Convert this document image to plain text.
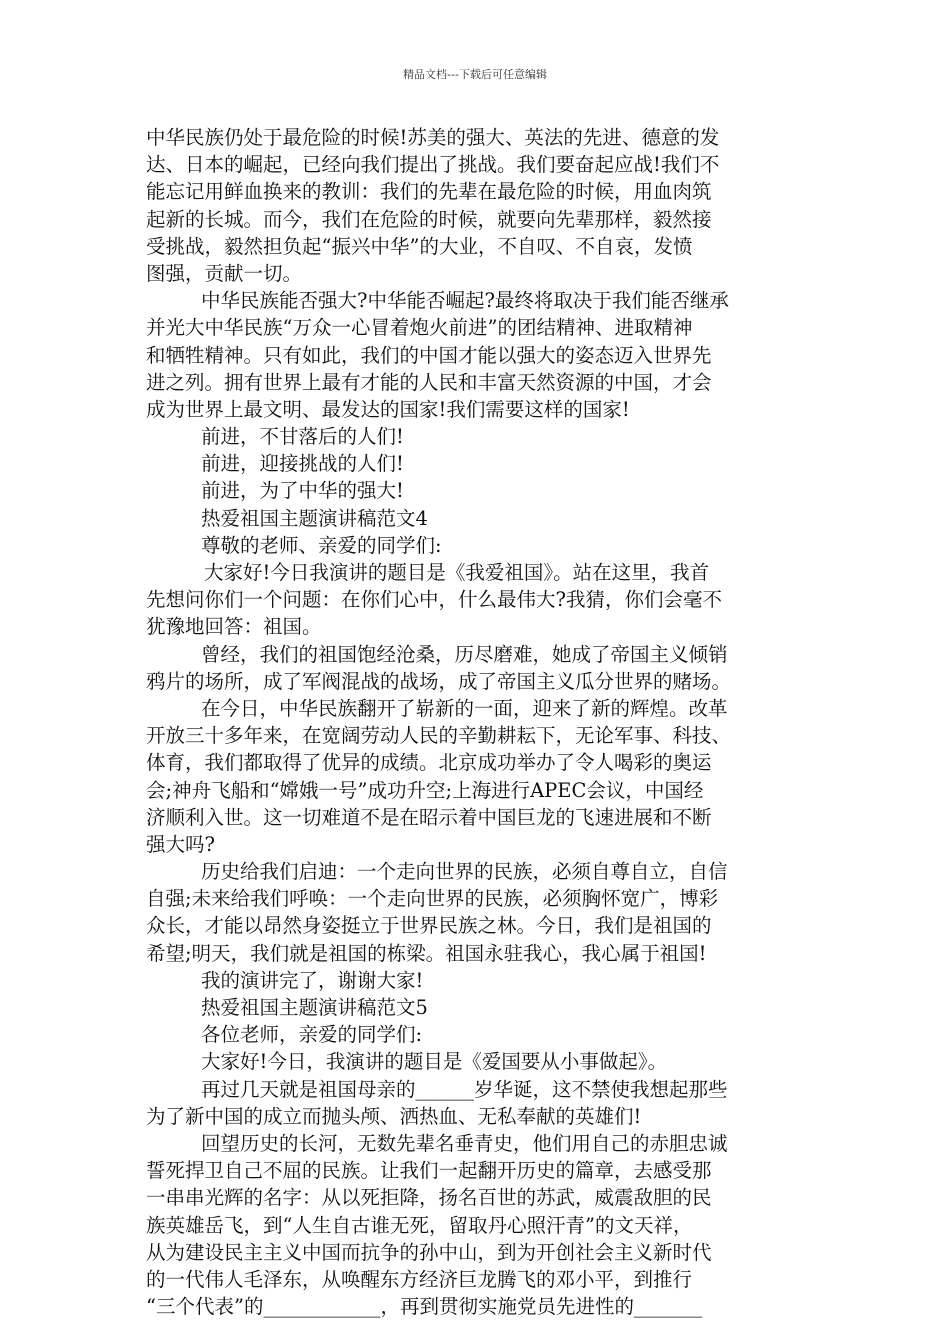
精品文档---下载后可任意编辑
中华民族仍处于最危险的时候!苏美的强大、英法的先进、德意的发
达、日本的崛起，已经向我们提出了挑战。我们要奋起应战!我们不
能忘记用鲜血换来的教训：我们的先辈在最危险的时候，用血肉筑
起新的长城。而今，我们在危险的时候，就要向先辈那样，毅然接
受挑战，毅然担负起“振兴中华”的大业，不自叹、不自哀，发愤
图强，贡献一切。
中华民族能否强大?中华能否崛起?最终将取决于我们能否继承
并光大中华民族“万众一心冒着炮火前进”的团结精神、进取精神
和牺牲精神。只有如此，我们的中国才能以强大的姿态迈入世界先
进之列。拥有世界上最有才能的人民和丰富天然资源的中国，才会
成为世界上最文明、最发达的国家!我们需要这样的国家!
前进，不甘落后的人们!
前进，迎接挑战的人们!
前进，为了中华的强大!
热爱祖国主题演讲稿范文4
尊敬的老师、亲爱的同学们:
大家好!今日我演讲的题目是《我爱祖国》。站在这里，我首
先想问你们一个问题：在你们心中，什么最伟大?我猜，你们会毫不
犹豫地回答：祖国。
曾经，我们的祖国饱经沧桑，历尽磨难，她成了帝国主义倾销
鸦片的场所，成了军阀混战的战场，成了帝国主义瓜分世界的赌场。
在今日，中华民族翻开了崭新的一面，迎来了新的辉煌。改革
开放三十多年来，在宽阔劳动人民的辛勤耕耘下，无论军事、科技、
体育，我们都取得了优异的成绩。北京成功举办了令人喝彩的奥运
会;神舟飞船和“嫦娥一号”成功升空;上海进行APEC会议，中国经
济顺利入世。这一切难道不是在昭示着中国巨龙的飞速进展和不断
强大吗?
历史给我们启迪：一个走向世界的民族，必须自尊自立，自信
自强;未来给我们呼唤：一个走向世界的民族，必须胸怀宽广，博彩
众长，才能以昂然身姿挺立于世界民族之林。今日，我们是祖国的
希望;明天，我们就是祖国的栋梁。祖国永驻我心，我心属于祖国!
我的演讲完了，谢谢大家!
热爱祖国主题演讲稿范文5
各位老师，亲爱的同学们:
大家好!今日，我演讲的题目是《爱国要从小事做起》。
再过几天就是祖国母亲的______岁华诞，这不禁使我想起那些
为了新中国的成立而抛头颅、洒热血、无私奉献的英雄们!
回望历史的长河，无数先辈名垂青史，他们用自己的赤胆忠诚
誓死捍卫自己不屈的民族。让我们一起翻开历史的篇章，去感受那
一串串光辉的名字：从以死拒降，扬名百世的苏武，威震敌胆的民
族英雄岳飞，到“人生自古谁无死，留取丹心照汗青”的文天祥，
从为建设民主主义中国而抗争的孙中山，到为开创社会主义新时代
的一代伟人毛泽东，从唤醒东方经济巨龙腾飞的邓小平，到推行
“三个代表”的____________，再到贯彻实施党员先进性的_______
